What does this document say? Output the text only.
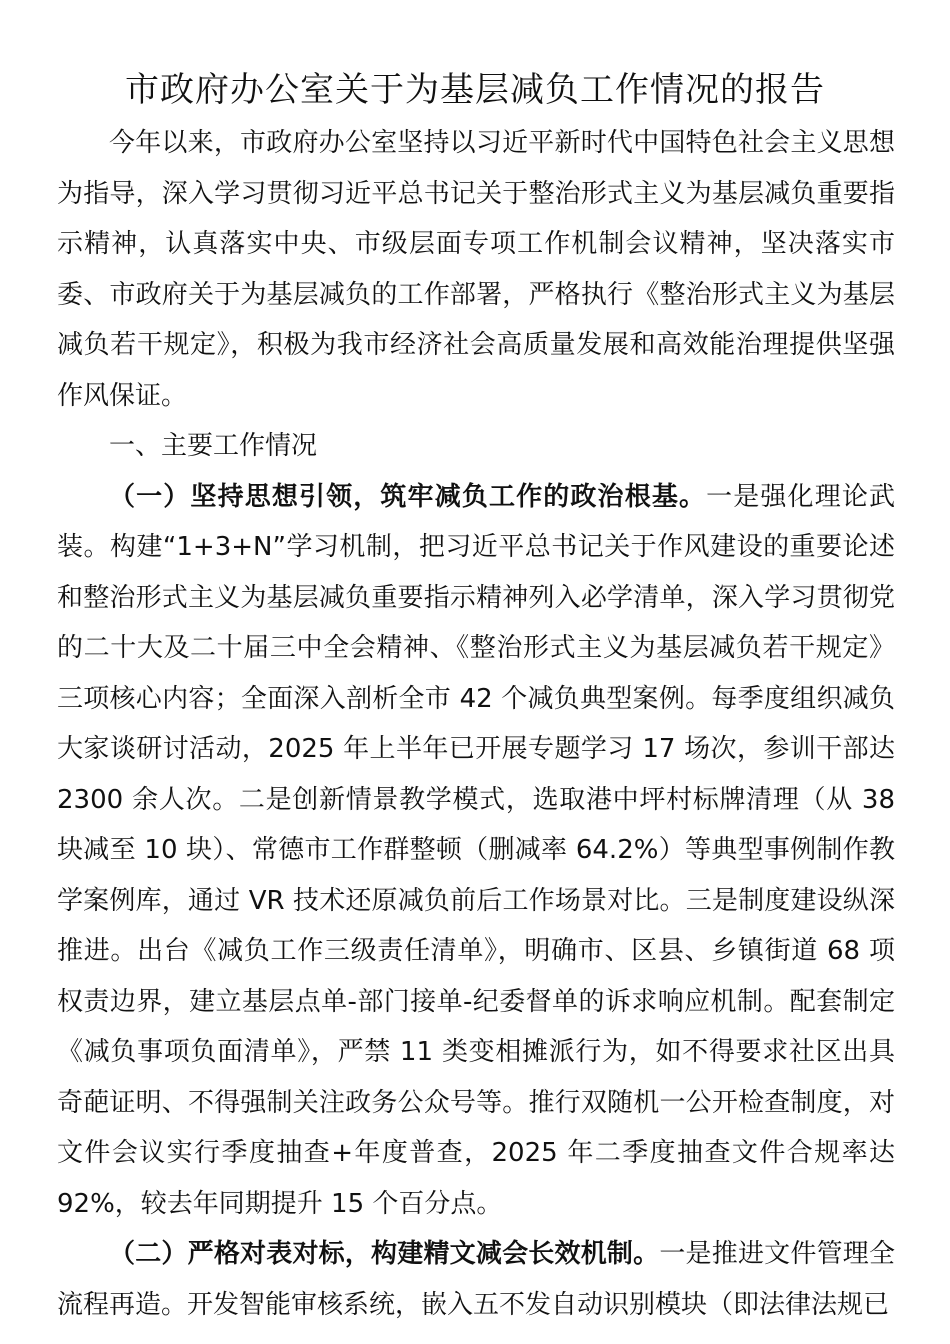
市政府办公室关于为基层减负工作情况的报告

今年以来，市政府办公室坚持以习近平新时代中国特色社会主义思想为指导，深入学习贯彻习近平总书记关于整治形式主义为基层减负重要指示精神，认真落实中央、市级层面专项工作机制会议精神，坚决落实市委、市政府关于为基层减负的工作部署，严格执行《整治形式主义为基层减负若干规定》，积极为我市经济社会高质量发展和高效能治理提供坚强作风保证。

一、主要工作情况

（一）坚持思想引领，筑牢减负工作的政治根基。一是强化理论武装。构建“1+3+N”学习机制，把习近平总书记关于作风建设的重要论述和整治形式主义为基层减负重要指示精神列入必学清单，深入学习贯彻党的二十大及二十届三中全会精神、《整治形式主义为基层减负若干规定》三项核心内容；全面深入剖析全市 42 个减负典型案例。每季度组织减负大家谈研讨活动，2025 年上半年已开展专题学习 17 场次，参训干部达 2300 余人次。二是创新情景教学模式，选取港中坪村标牌清理（从 38 块减至 10 块）、常德市工作群整顿（删减率 64.2%）等典型事例制作教学案例库，通过 VR 技术还原减负前后工作场景对比。三是制度建设纵深推进。出台《减负工作三级责任清单》，明确市、区县、乡镇街道 68 项权责边界，建立基层点单-部门接单-纪委督单的诉求响应机制。配套制定《减负事项负面清单》，严禁 11 类变相摊派行为，如不得要求社区出具奇葩证明、不得强制关注政务公众号等。推行双随机一公开检查制度，对文件会议实行季度抽查+年度普查，2025 年二季度抽查文件合规率达 92%，较去年同期提升 15 个百分点。

（二）严格对表对标，构建精文减会长效机制。一是推进文件管理全流程再造。开发智能审核系统，嵌入五不发自动识别模块（即法律法规已
